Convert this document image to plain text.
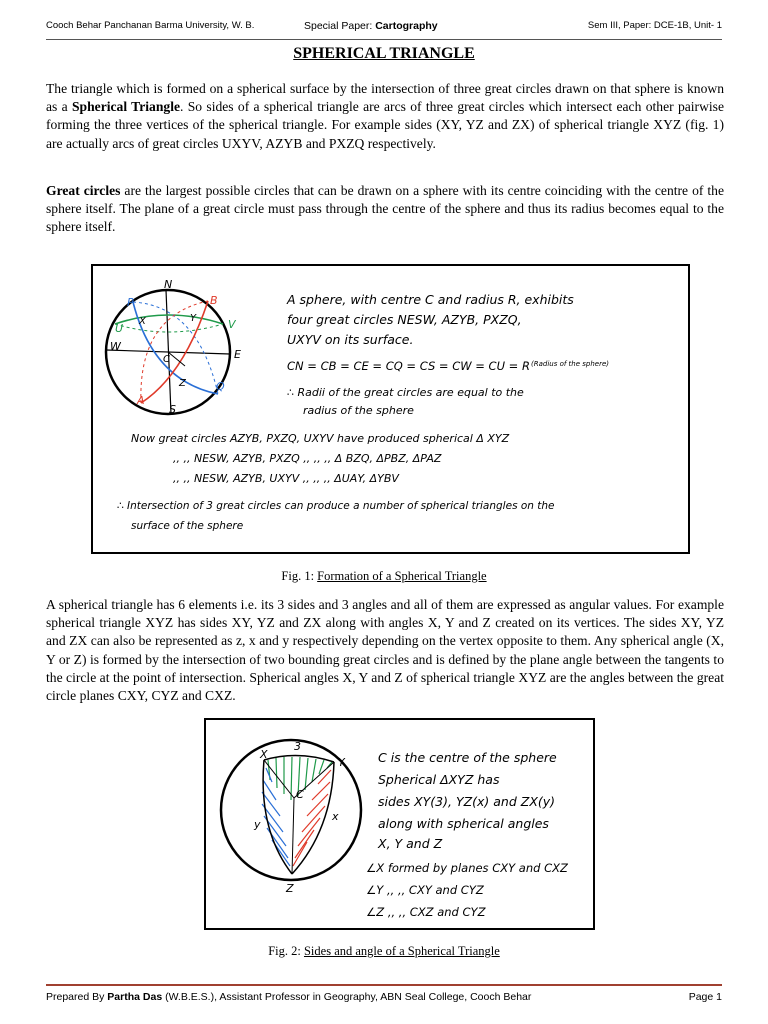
Cooch Behar Panchanan Barma University, W. B.	Special Paper: Cartography	Sem III, Paper: DCE-1B, Unit- 1
SPHERICAL TRIANGLE

The triangle which is formed on a spherical surface by the intersection of three great circles drawn on that sphere is known as a Spherical Triangle. So sides of a spherical triangle are arcs of three great circles which intersect each other pairwise forming the three vertices of the spherical triangle. For example sides (XY, YZ and ZX) of spherical triangle XYZ (fig. 1) are actually arcs of great circles UXYV, AZYB and PXZQ respectively.

Great circles are the largest possible circles that can be drawn on a sphere with its centre coinciding with the centre of the sphere itself. The plane of a great circle must pass through the centre of the sphere and thus its radius becomes equal to the sphere itself.

N
P	B
U
X	Y	V
W
C	E
Z
A
Q
S
A sphere, with centre C and radius R, exhibits
four great circles NESW, AZYB, PXZQ,
UXYV on its surface.
CN = CB = CE = CQ = CS = CW = CU = R (Radius of the sphere)
∴ Radii of the great circles are equal to the
radius of the sphere
Now great circles AZYB, PXZQ, UXYV have produced spherical Δ XYZ
,, ,, NESW, AZYB, PXZQ ,, ,, ,, Δ BZQ, ΔPBZ, ΔPAZ
,, ,, NESW, AZYB, UXYV ,, ,, ,, ΔUAY, ΔYBV
∴ Intersection of 3 great circles can produce a number of spherical triangles on the
surface of the sphere
Fig. 1: Formation of a Spherical Triangle

A spherical triangle has 6 elements i.e. its 3 sides and 3 angles and all of them are expressed as angular values. For example spherical triangle XYZ has sides XY, YZ and ZX along with angles X, Y and Z created on its vertices. The sides XY, YZ and ZX can also be represented as z, x and y respectively depending on the vertex opposite to them. Any spherical angle (X, Y or Z) is formed by the intersection of two bounding great circles and is defined by the plane angle between the tangents to the circle at the point of intersection. Spherical angles X, Y and Z of spherical triangle XYZ are the angles between the great circle planes CXY, CYZ and CXZ.

3
X
Y
C
y
x
Z
C is the centre of the sphere
Spherical ΔXYZ has
sides XY(3), YZ(x) and ZX(y)
along with spherical angles
X, Y and Z
∠X formed by planes CXY and CXZ
∠Y ,, ,, CXY and CYZ
∠Z ,, ,, CXZ and CYZ
Fig. 2: Sides and angle of a Spherical Triangle
Prepared By Partha Das (W.B.E.S.), Assistant Professor in Geography, ABN Seal College, Cooch Behar	Page 1
